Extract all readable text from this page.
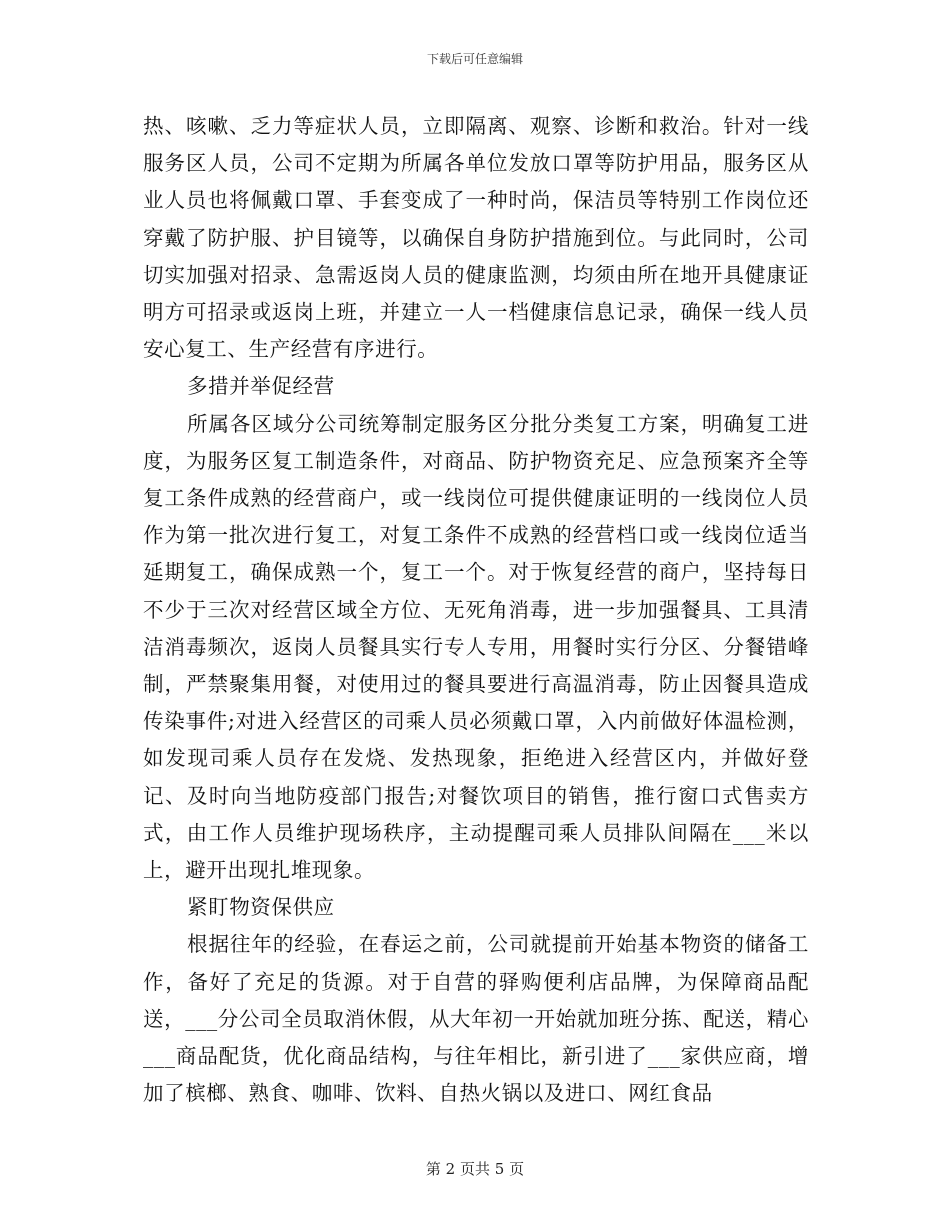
下载后可任意编辑

热、咳嗽、乏力等症状人员，立即隔离、观察、诊断和救治。针对一线服务区人员，公司不定期为所属各单位发放口罩等防护用品，服务区从业人员也将佩戴口罩、手套变成了一种时尚，保洁员等特别工作岗位还穿戴了防护服、护目镜等，以确保自身防护措施到位。与此同时，公司切实加强对招录、急需返岗人员的健康监测，均须由所在地开具健康证明方可招录或返岗上班，并建立一人一档健康信息记录，确保一线人员安心复工、生产经营有序进行。

多措并举促经营

所属各区域分公司统筹制定服务区分批分类复工方案，明确复工进度，为服务区复工制造条件，对商品、防护物资充足、应急预案齐全等复工条件成熟的经营商户，或一线岗位可提供健康证明的一线岗位人员作为第一批次进行复工，对复工条件不成熟的经营档口或一线岗位适当延期复工，确保成熟一个，复工一个。对于恢复经营的商户，坚持每日不少于三次对经营区域全方位、无死角消毒，进一步加强餐具、工具清洁消毒频次，返岗人员餐具实行专人专用，用餐时实行分区、分餐错峰制，严禁聚集用餐，对使用过的餐具要进行高温消毒，防止因餐具造成传染事件;对进入经营区的司乘人员必须戴口罩，入内前做好体温检测，如发现司乘人员存在发烧、发热现象，拒绝进入经营区内，并做好登记、及时向当地防疫部门报告;对餐饮项目的销售，推行窗口式售卖方式，由工作人员维护现场秩序，主动提醒司乘人员排队间隔在___米以上，避开出现扎堆现象。

紧盯物资保供应

根据往年的经验，在春运之前，公司就提前开始基本物资的储备工作，备好了充足的货源。对于自营的驿购便利店品牌，为保障商品配送，___分公司全员取消休假，从大年初一开始就加班分拣、配送，精心___商品配货，优化商品结构，与往年相比，新引进了___家供应商，增加了槟榔、熟食、咖啡、饮料、自热火锅以及进口、网红食品

第 2 页共 5 页
